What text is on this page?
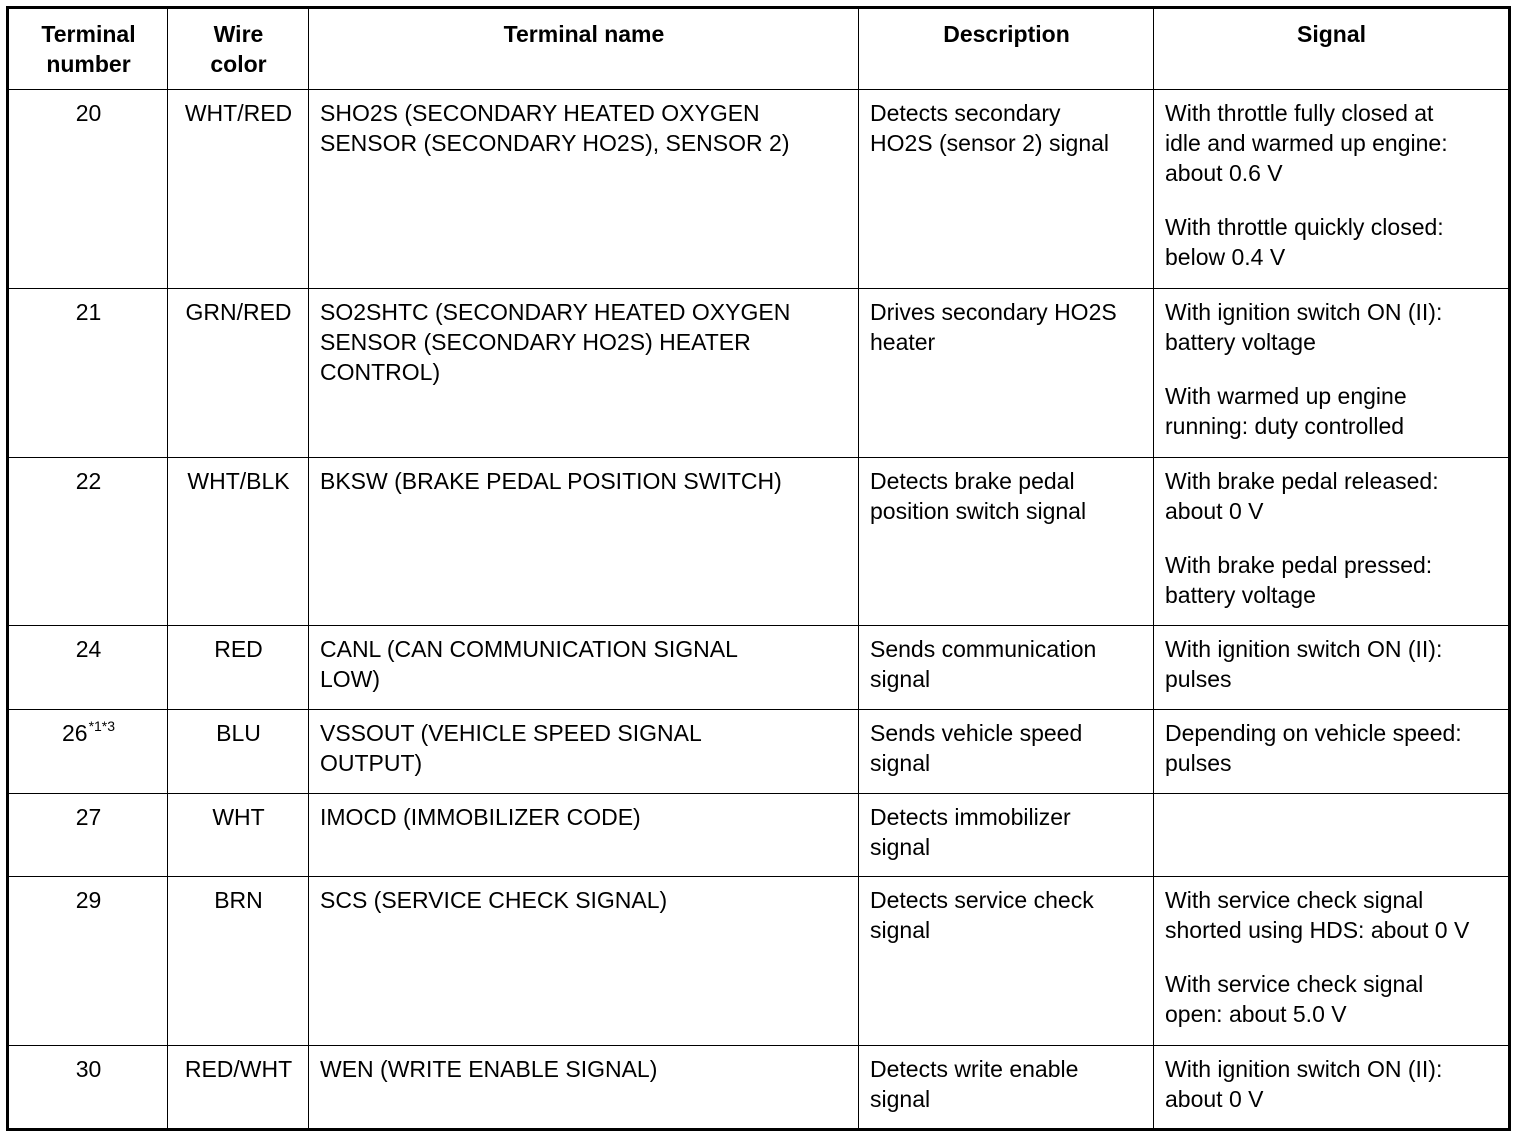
Terminal
number	Wire
color	Terminal name	Description	Signal

20	WHT/RED	SHO2S (SECONDARY HEATED OXYGEN
SENSOR (SECONDARY HO2S), SENSOR 2)	Detects secondary
HO2S (sensor 2) signal	With throttle fully closed at
idle and warmed up engine:
about 0.6 V
With throttle quickly closed:
below 0.4 V

21	GRN/RED	SO2SHTC (SECONDARY HEATED OXYGEN
SENSOR (SECONDARY HO2S) HEATER
CONTROL)	Drives secondary HO2S
heater	With ignition switch ON (II):
battery voltage
With warmed up engine
running: duty controlled

22	WHT/BLK	BKSW (BRAKE PEDAL POSITION SWITCH)	Detects brake pedal
position switch signal	With brake pedal released:
about 0 V
With brake pedal pressed:
battery voltage

24	RED	CANL (CAN COMMUNICATION SIGNAL
LOW)	Sends communication
signal	With ignition switch ON (II):
pulses

26$^{*1*3}$	BLU	VSSOUT (VEHICLE SPEED SIGNAL
OUTPUT)	Sends vehicle speed
signal	Depending on vehicle speed:
pulses

27	WHT	IMOCD (IMMOBILIZER CODE)	Detects immobilizer
signal	

29	BRN	SCS (SERVICE CHECK SIGNAL)	Detects service check
signal	With service check signal
shorted using HDS: about 0 V
With service check signal
open: about 5.0 V

30	RED/WHT	WEN (WRITE ENABLE SIGNAL)	Detects write enable
signal	With ignition switch ON (II):
about 0 V
